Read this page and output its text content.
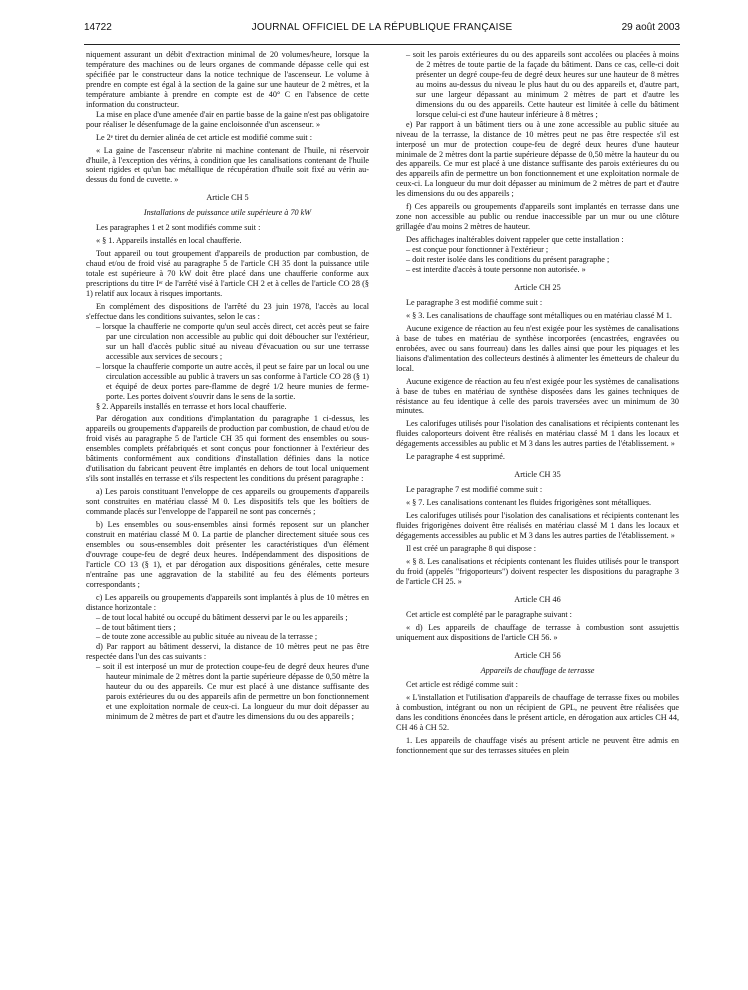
14722	JOURNAL OFFICIEL DE LA RÉPUBLIQUE FRANÇAISE	29 août 2003

niquement assurant un débit d'extraction minimal de 20 volumes/heure, lorsque la température des machines ou de leurs organes de commande dépasse celle qui est spécifiée par le constructeur dans la notice technique de l'ascenseur. Le volume à prendre en compte est égal à la section de la gaine sur une hauteur de 2 mètres, et la température ambiante à prendre en compte est de 40° C en l'absence de cette information du constructeur.

La mise en place d'une amenée d'air en partie basse de la gaine n'est pas obligatoire pour réaliser le désenfumage de la gaine encloisonnée d'un ascenseur. »

Le 2ᵉ tiret du dernier alinéa de cet article est modifié comme suit :

« La gaine de l'ascenseur n'abrite ni machine contenant de l'huile, ni réservoir d'huile, à l'exception des vérins, à condition que les canalisations contenant de l'huile soient rigides et qu'un bac métallique de récupération d'huile soit fixé au vérin au-dessus du fond de cuvette. »

Article CH 5

Installations de puissance utile supérieure à 70 kW

Les paragraphes 1 et 2 sont modifiés comme suit :

« § 1. Appareils installés en local chaufferie.

Tout appareil ou tout groupement d'appareils de production par combustion, de chaud et/ou de froid visé au paragraphe 5 de l'article CH 35 dont la puissance utile totale est supérieure à 70 kW doit être placé dans une chaufferie conforme aux prescriptions du titre Iᵉʳ de l'arrêté visé à l'article CH 2 et à celles de l'article CO 28 (§ 1) relatif aux locaux à risques importants.

En complément des dispositions de l'arrêté du 23 juin 1978, l'accès au local s'effectue dans les conditions suivantes, selon le cas :

– lorsque la chaufferie ne comporte qu'un seul accès direct, cet accès peut se faire par une circulation non accessible au public qui doit déboucher sur l'extérieur, sur un hall d'accès public situé au niveau d'évacuation ou sur une terrasse accessible aux services de secours ;

– lorsque la chaufferie comporte un autre accès, il peut se faire par un local ou une circulation accessible au public à travers un sas conforme à l'article CO 28 (§ 1) et équipé de deux portes pare-flamme de degré 1/2 heure munies de ferme-porte. Les portes doivent s'ouvrir dans le sens de la sortie.

§ 2. Appareils installés en terrasse et hors local chaufferie.

Par dérogation aux conditions d'implantation du paragraphe 1 ci-dessus, les appareils ou groupements d'appareils de production par combustion, de chaud et/ou de froid visés au paragraphe 5 de l'article CH 35 qui forment des ensembles ou sous-ensembles complets préfabriqués et sont conçus pour fonctionner à l'extérieur des bâtiments conformément aux conditions d'installation définies dans la notice d'utilisation du fabricant peuvent être implantés en dehors de tout local uniquement s'ils sont installés en terrasse et s'ils respectent les conditions du présent paragraphe :

a) Les parois constituant l'enveloppe de ces appareils ou groupements d'appareils sont construites en matériau classé M 0. Les dispositifs tels que les boîtiers de commande placés sur l'enveloppe de l'appareil ne sont pas concernés ;

b) Les ensembles ou sous-ensembles ainsi formés reposent sur un plancher construit en matériau classé M 0. La partie de plancher directement située sous ces ensembles ou sous-ensembles doit présenter les caractéristiques d'un élément d'ouvrage coupe-feu de degré deux heures. Indépendamment des dispositions de l'article CO 13 (§ 1), et par dérogation aux dispositions générales, cette mesure n'entraîne pas une aggravation de la stabilité au feu des éléments porteurs correspondants ;

c) Les appareils ou groupements d'appareils sont implantés à plus de 10 mètres en distance horizontale :

– de tout local habité ou occupé du bâtiment desservi par le ou les appareils ;

– de tout bâtiment tiers ;

– de toute zone accessible au public située au niveau de la terrasse ;

d) Par rapport au bâtiment desservi, la distance de 10 mètres peut ne pas être respectée dans l'un des cas suivants :

– soit il est interposé un mur de protection coupe-feu de degré deux heures d'une hauteur minimale de 2 mètres dont la partie supérieure dépasse de 0,50 mètre la hauteur du ou des appareils. Ce mur est placé à une distance suffisante des parois extérieures du ou des appareils afin de permettre un bon fonctionnement et une exploitation normale de ceux-ci. La longueur du mur doit dépasser au minimum de 2 mètres de part et d'autre les dimensions du ou des appareils ;

– soit les parois extérieures du ou des appareils sont accolées ou placées à moins de 2 mètres de toute partie de la façade du bâtiment. Dans ce cas, celle-ci doit présenter un degré coupe-feu de degré deux heures sur une hauteur de 8 mètres au moins au-dessus du niveau le plus haut du ou des appareils et, d'autre part, sur une largeur dépassant au minimum 2 mètres de part et d'autre les dimensions du ou des appareils. Cette hauteur est limitée à celle du bâtiment lorsque celui-ci est d'une hauteur inférieure à 8 mètres ;

e) Par rapport à un bâtiment tiers ou à une zone accessible au public située au niveau de la terrasse, la distance de 10 mètres peut ne pas être respectée s'il est interposé un mur de protection coupe-feu de degré deux heures d'une hauteur minimale de 2 mètres dont la partie supérieure dépasse de 0,50 mètre la hauteur du ou des appareils. Ce mur est placé à une distance suffisante des parois extérieures du ou des appareils afin de permettre un bon fonctionnement et une exploitation normale de ceux-ci. La longueur du mur doit dépasser au minimum de 2 mètres de part et d'autre les dimensions du ou des appareils ;

f) Ces appareils ou groupements d'appareils sont implantés en terrasse dans une zone non accessible au public ou rendue inaccessible par un mur ou une clôture grillagée d'au moins 2 mètres de hauteur.

Des affichages inaltérables doivent rappeler que cette installation :

– est conçue pour fonctionner à l'extérieur ;

– doit rester isolée dans les conditions du présent paragraphe ;

– est interdite d'accès à toute personne non autorisée. »

Article CH 25

Le paragraphe 3 est modifié comme suit :

« § 3. Les canalisations de chauffage sont métalliques ou en matériau classé M 1.

Aucune exigence de réaction au feu n'est exigée pour les systèmes de canalisations à base de tubes en matériau de synthèse incorporées (encastrées, engravées ou enrobées, avec ou sans fourreau) dans les dalles ainsi que pour les piquages et les liaisons d'alimentation des collecteurs destinés à alimenter les émetteurs de chaleur du local.

Aucune exigence de réaction au feu n'est exigée pour les systèmes de canalisations à base de tubes en matériau de synthèse disposées dans les gaines techniques de résistance au feu identique à celle des parois traversées avec un minimum de 30 minutes.

Les calorifuges utilisés pour l'isolation des canalisations et récipients contenant les fluides caloporteurs doivent être réalisés en matériau classé M 1 dans les locaux et dégagements accessibles au public et M 3 dans les autres parties de l'établissement. »

Le paragraphe 4 est supprimé.

Article CH 35

Le paragraphe 7 est modifié comme suit :

« § 7. Les canalisations contenant les fluides frigorigènes sont métalliques.

Les calorifuges utilisés pour l'isolation des canalisations et récipients contenant les fluides frigorigènes doivent être réalisés en matériau classé M 1 dans les locaux et dégagements accessibles au public et M 3 dans les autres parties de l'établissement. »

Il est créé un paragraphe 8 qui dispose :

« § 8. Les canalisations et récipients contenant les fluides utilisés pour le transport du froid (appelés "frigoporteurs") doivent respecter les dispositions du paragraphe 3 de l'article CH 25. »

Article CH 46

Cet article est complété par le paragraphe suivant :

« d) Les appareils de chauffage de terrasse à combustion sont assujettis uniquement aux dispositions de l'article CH 56. »

Article CH 56

Appareils de chauffage de terrasse

Cet article est rédigé comme suit :

« L'installation et l'utilisation d'appareils de chauffage de terrasse fixes ou mobiles à combustion, intégrant ou non un récipient de GPL, ne peuvent être réalisées que dans les conditions énoncées dans le présent article, en dérogation aux articles CH 44, CH 46 à CH 52.

1. Les appareils de chauffage visés au présent article ne peuvent être admis en fonctionnement que sur des terrasses situées en plein
